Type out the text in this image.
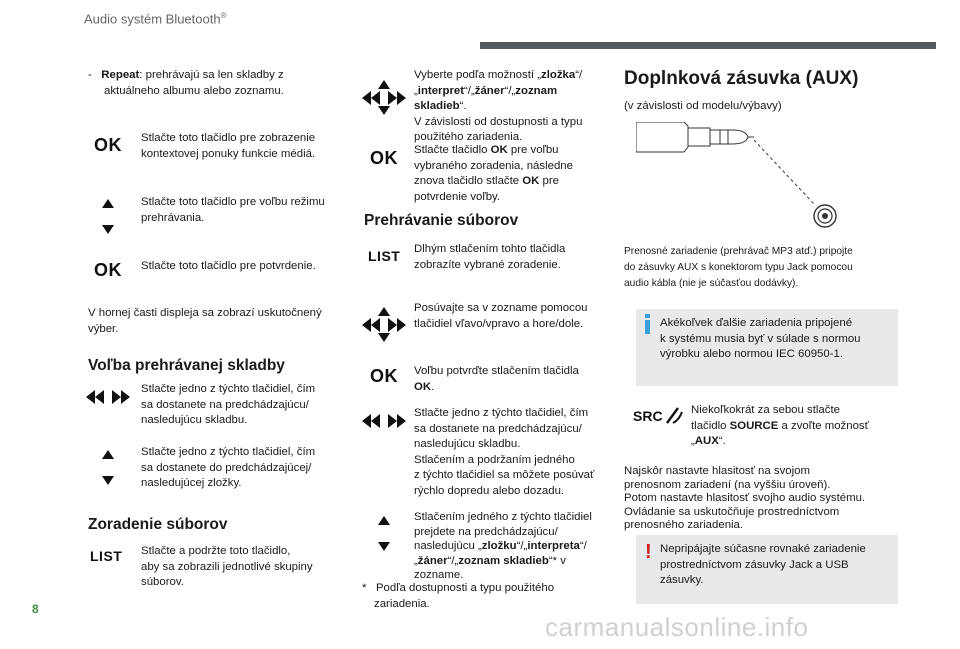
Audio systém Bluetooth®
- Repeat: prehrávajú sa len skladby z
aktuálneho albumu alebo zoznamu.
OK Stlačte toto tlačidlo pre zobrazenie
kontextovej ponuky funkcie médiá.
Stlačte toto tlačidlo pre voľbu režimu
prehrávania.
OK Stlačte toto tlačidlo pre potvrdenie.
V hornej časti displeja sa zobrazí uskutočnený
výber.
Voľba prehrávanej skladby
Stlačte jedno z týchto tlačidiel, čím
sa dostanete na predchádzajúcu/
nasledujúcu skladbu.
Stlačte jedno z týchto tlačidiel, čím
sa dostanete do predchádzajúcej/
nasledujúcej zložky.
Zoradenie súborov
LIST Stlačte a podržte toto tlačidlo,
aby sa zobrazili jednotlivé skupiny
súborov.
Vyberte podľa možností „zložka“/
„interpret“/„žáner“/„zoznam
skladieb“.
V závislosti od dostupnosti a typu
použitého zariadenia.
OK Stlačte tlačidlo OK pre voľbu
vybraného zoradenia, následne
znova tlačidlo stlačte OK pre
potvrdenie voľby.
Prehrávanie súborov
LIST Dlhým stlačením tohto tlačidla
zobrazíte vybrané zoradenie.
Posúvajte sa v zozname pomocou
tlačidiel vľavo/vpravo a hore/dole.
OK Voľbu potvrďte stlačením tlačidla
OK.
Stlačte jedno z týchto tlačidiel, čím
sa dostanete na predchádzajúcu/
nasledujúcu skladbu.
Stlačením a podržaním jedného
z týchto tlačidiel sa môžete posúvať
rýchlo dopredu alebo dozadu.
Stlačením jedného z týchto tlačidiel
prejdete na predchádzajúcu/
nasledujúcu „zložku“/„interpreta“/
„žáner“/„zoznam skladieb“* v
zozname.
* Podľa dostupnosti a typu použitého
zariadenia.
Doplnková zásuvka (AUX)
(v závislosti od modelu/výbavy)
Prenosné zariadenie (prehrávač MP3 atď.) pripojte
do zásuvky AUX s konektorom typu Jack pomocou
audio kábla (nie je súčasťou dodávky).
Akékoľvek ďalšie zariadenia pripojené
k systému musia byť v súlade s normou
výrobku alebo normou IEC 60950-1.
SRC Niekoľkokrát za sebou stlačte
tlačidlo SOURCE a zvoľte možnosť
„AUX“.
Najskôr nastavte hlasitosť na svojom
prenosnom zariadení (na vyššiu úroveň).
Potom nastavte hlasitosť svojho audio systému.
Ovládanie sa uskutočňuje prostredníctvom
prenosného zariadenia.
! Nepripájajte súčasne rovnaké zariadenie
prostredníctvom zásuvky Jack a USB
zásuvky.
8
carmanualsonline.info
